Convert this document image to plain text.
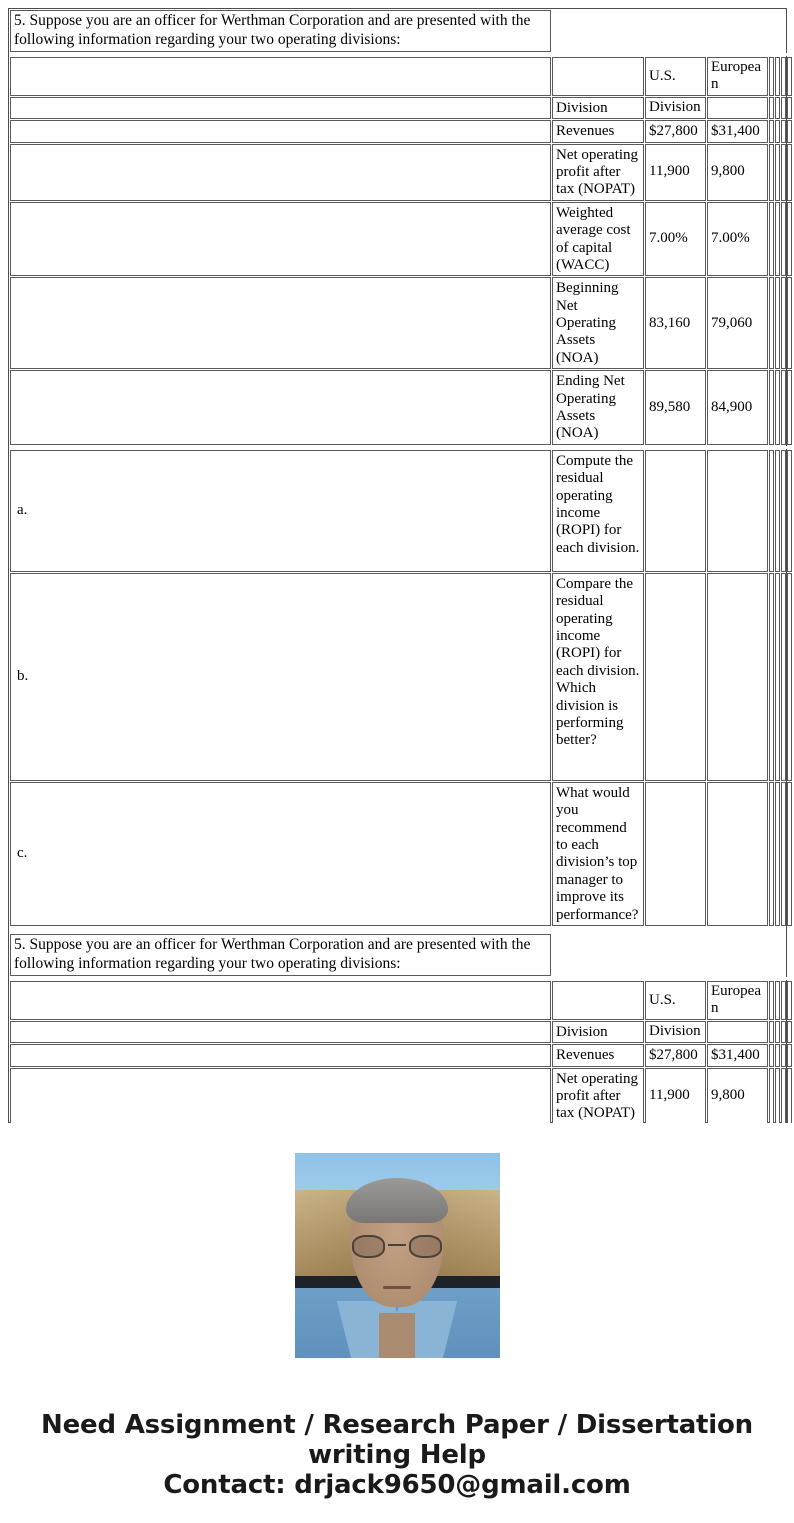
5. Suppose you are an officer for Werthman Corporation and are presented with the following information regarding your two operating divisions:							

		U.S.	European				
	Division	Division					
	Revenues	$27,800	$31,400				
	Net operating profit after tax (NOPAT)	11,900	9,800				
	Weighted average cost of capital (WACC)	7.00%	7.00%				
	Beginning Net Operating Assets (NOA)	83,160	79,060				
	Ending Net Operating Assets (NOA)	89,580	84,900				

a.	Compute the residual operating income (ROPI) for each division.						
b.	Compare the residual operating income (ROPI) for each division. Which division is performing better?						
c.	What would you recommend to each division’s top manager to improve its performance?						
5. Suppose you are an officer for Werthman Corporation and are presented with the following information regarding your two operating divisions:							

		U.S.	European				
	Division	Division					
	Revenues	$27,800	$31,400				
	Net operating profit after tax (NOPAT)	11,900	9,800				

Need Assignment / Research Paper / Dissertation
writing Help
Contact: drjack9650@gmail.com
